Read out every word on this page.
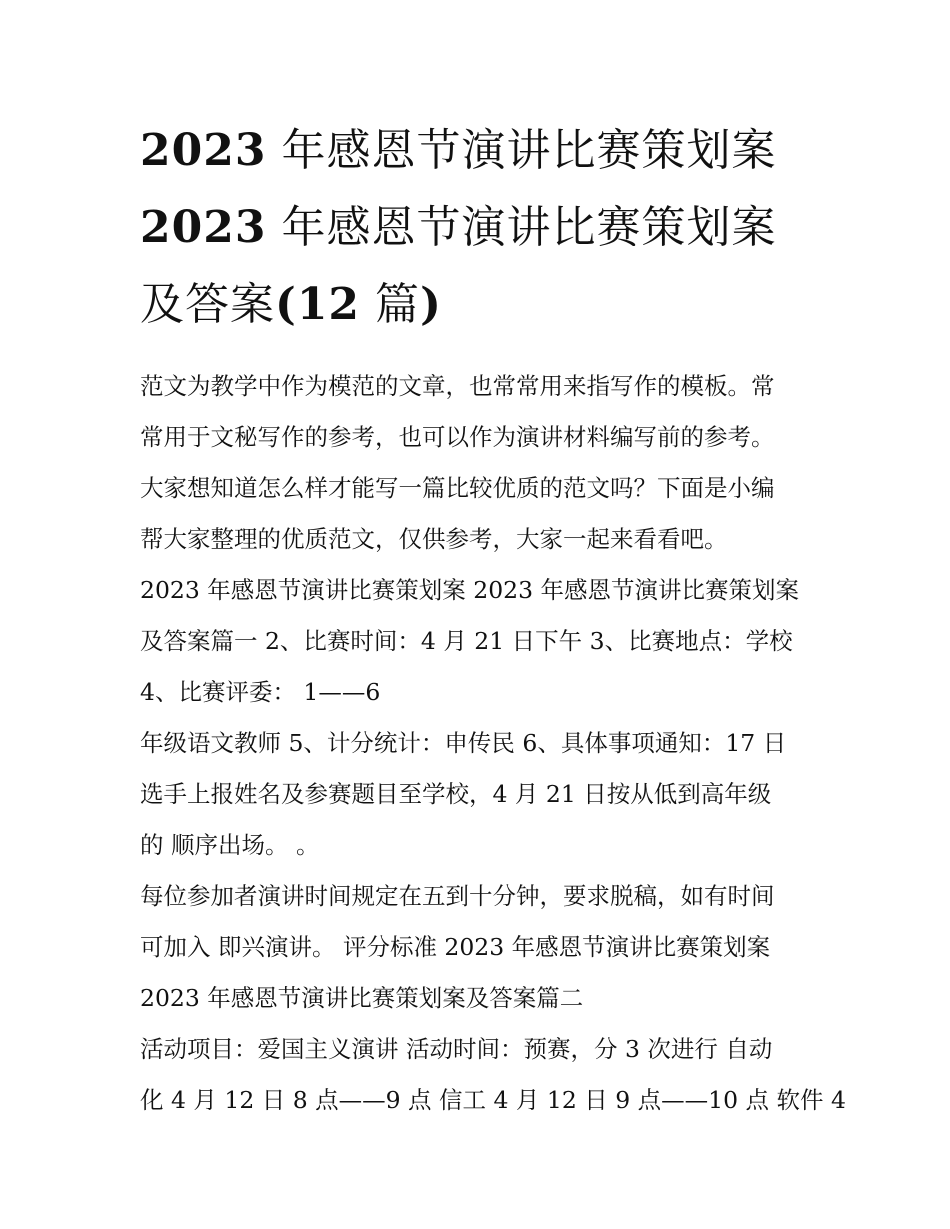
2023 年感恩节演讲比赛策划案
2023 年感恩节演讲比赛策划案
及答案(12 篇)

范文为教学中作为模范的文章，也常常用来指写作的模板。常
常用于文秘写作的参考，也可以作为演讲材料编写前的参考。
大家想知道怎么样才能写一篇比较优质的范文吗？下面是小编
帮大家整理的优质范文，仅供参考，大家一起来看看吧。

2023 年感恩节演讲比赛策划案 2023 年感恩节演讲比赛策划案
及答案篇一 2、比赛时间：4 月 21 日下午 3、比赛地点：学校
4、比赛评委： 1——6

年级语文教师 5、计分统计：申传民 6、具体事项通知：17 日
选手上报姓名及参赛题目至学校，4 月 21 日按从低到高年级
的 顺序出场。 。

每位参加者演讲时间规定在五到十分钟，要求脱稿，如有时间
可加入 即兴演讲。 评分标准 2023 年感恩节演讲比赛策划案
2023 年感恩节演讲比赛策划案及答案篇二

活动项目：爱国主义演讲 活动时间：预赛，分 3 次进行 自动
化 4 月 12 日 8 点——9 点 信工 4 月 12 日 9 点——10 点 软件 4
